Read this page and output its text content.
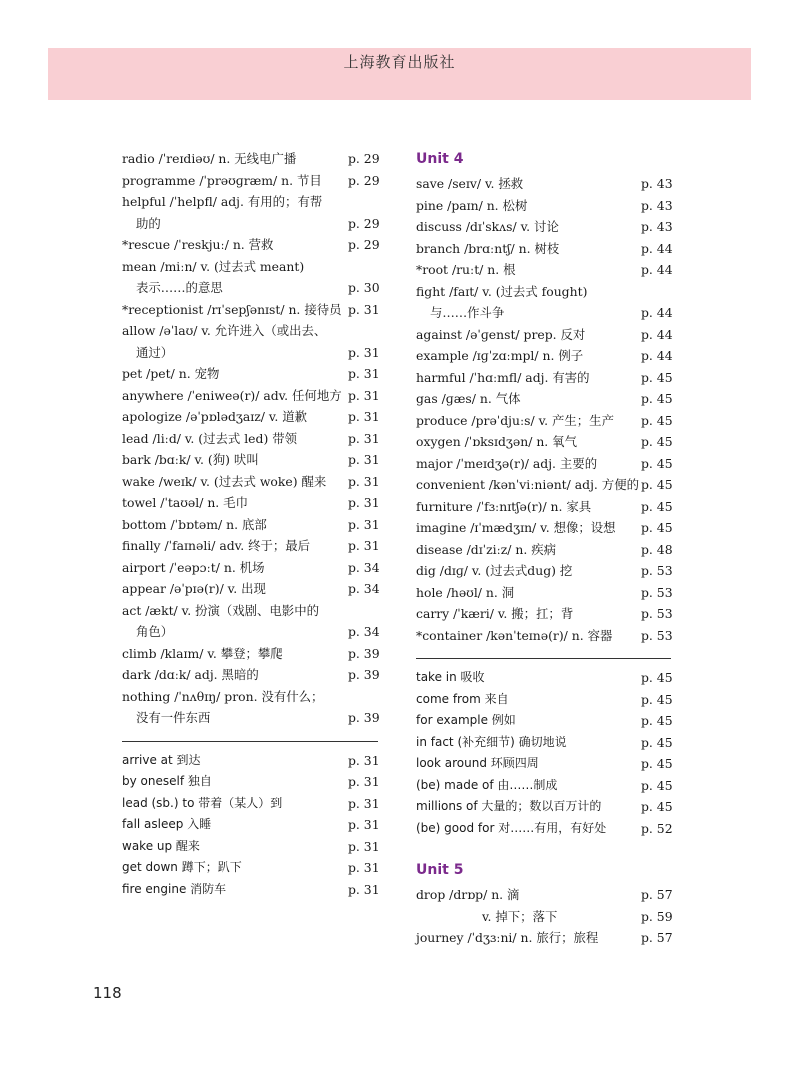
上海教育出版社
radio /ˈreɪdiəʊ/ n. 无线电广播	p. 29
programme /ˈprəʊɡræm/ n. 节目	p. 29
helpful /ˈhelpfl/ adj. 有用的；有帮
助的	p. 29
*rescue /ˈreskjuː/ n. 营救	p. 29
mean /miːn/ v. (过去式 meant)
表示……的意思	p. 30
*receptionist /rɪˈsepʃənɪst/ n. 接待员 p. 31
allow /əˈlaʊ/ v. 允许进入（或出去、
通过）	p. 31
pet /pet/ n. 宠物	p. 31
anywhere /ˈeniweə(r)/ adv. 任何地方 p. 31
apologize /əˈpɒlədʒaɪz/ v. 道歉	p. 31
lead /liːd/ v. (过去式 led) 带领	p. 31
bark /bɑːk/ v. (狗) 吠叫	p. 31
wake /weɪk/ v. (过去式 woke) 醒来	p. 31
towel /ˈtaʊəl/ n. 毛巾	p. 31
bottom /ˈbɒtəm/ n. 底部	p. 31
finally /ˈfaɪnəli/ adv. 终于；最后	p. 31
airport /ˈeəpɔːt/ n. 机场	p. 34
appear /əˈpɪə(r)/ v. 出现	p. 34
act /ækt/ v. 扮演（戏剧、电影中的
角色）	p. 34
climb /klaɪm/ v. 攀登；攀爬	p. 39
dark /dɑːk/ adj. 黑暗的	p. 39
nothing /ˈnʌθɪŋ/ pron. 没有什么；
没有一件东西	p. 39
arrive at 到达	p. 31
by oneself 独自	p. 31
lead (sb.) to 带着（某人）到	p. 31
fall asleep 入睡	p. 31
wake up 醒来	p. 31
get down 蹲下；趴下	p. 31
fire engine 消防车	p. 31
Unit 4
save /seɪv/ v. 拯救	p. 43
pine /paɪn/ n. 松树	p. 43
discuss /dɪˈskʌs/ v. 讨论	p. 43
branch /brɑːntʃ/ n. 树枝	p. 44
*root /ruːt/ n. 根	p. 44
fight /faɪt/ v. (过去式 fought)
与……作斗争	p. 44
against /əˈɡenst/ prep. 反对	p. 44
example /ɪɡˈzɑːmpl/ n. 例子	p. 44
harmful /ˈhɑːmfl/ adj. 有害的	p. 45
gas /ɡæs/ n. 气体	p. 45
produce /prəˈdjuːs/ v. 产生；生产	p. 45
oxygen /ˈɒksɪdʒən/ n. 氧气	p. 45
major /ˈmeɪdʒə(r)/ adj. 主要的	p. 45
convenient /kənˈviːniənt/ adj. 方便的 p. 45
furniture /ˈfɜːnɪtʃə(r)/ n. 家具	p. 45
imagine /ɪˈmædʒɪn/ v. 想像；设想	p. 45
disease /dɪˈziːz/ n. 疾病	p. 48
dig /dɪɡ/ v. (过去式dug) 挖	p. 53
hole /həʊl/ n. 洞	p. 53
carry /ˈkæri/ v. 搬；扛；背	p. 53
*container /kənˈteɪnə(r)/ n. 容器	p. 53
take in 吸收	p. 45
come from 来自	p. 45
for example 例如	p. 45
in fact (补充细节) 确切地说	p. 45
look around 环顾四周	p. 45
(be) made of 由……制成	p. 45
millions of 大量的；数以百万计的	p. 45
(be) good for 对……有用，有好处	p. 52
Unit 5
drop /drɒp/ n. 滴	p. 57
v. 掉下；落下	p. 59
journey /ˈdʒɜːni/ n. 旅行；旅程	p. 57
118
